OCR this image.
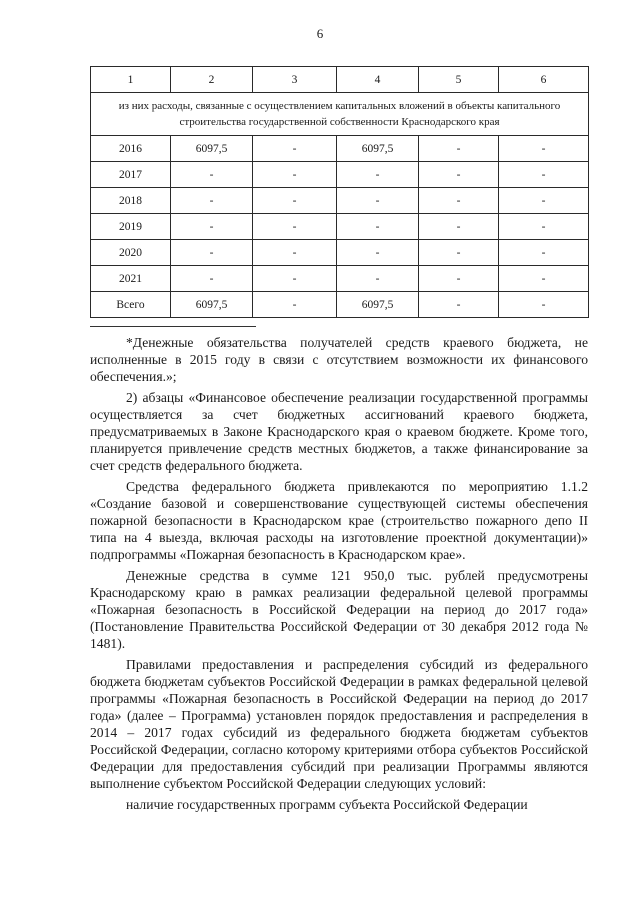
6
1	2	3	4	5	6
из них расходы, связанные с осуществлением капитальных вложений в объекты капитального строительства государственной собственности Краснодарского края					
2016	6097,5	-	6097,5	-	-
2017	-	-	-	-	-
2018	-	-	-	-	-
2019	-	-	-	-	-
2020	-	-	-	-	-
2021	-	-	-	-	-
Всего	6097,5	-	6097,5	-	-

*Денежные обязательства получателей средств краевого бюджета, не исполненные в 2015 году в связи с отсутствием возможности их финансового обеспечения.»;

2) абзацы «Финансовое обеспечение реализации государственной программы осуществляется за счет бюджетных ассигнований краевого бюджета, предусматриваемых в Законе Краснодарского края о краевом бюджете. Кроме того, планируется привлечение средств местных бюджетов, а также финансирование за счет средств федерального бюджета.

Средства федерального бюджета привлекаются по мероприятию 1.1.2 «Создание базовой и совершенствование существующей системы обеспечения пожарной безопасности в Краснодарском крае (строительство пожарного депо II типа на 4 выезда, включая расходы на изготовление проектной документации)» подпрограммы «Пожарная безопасность в Краснодарском крае».

Денежные средства в сумме 121 950,0 тыс. рублей предусмотрены Краснодарскому краю в рамках реализации федеральной целевой программы «Пожарная безопасность в Российской Федерации на период до 2017 года» (Постановление Правительства Российской Федерации от 30 декабря 2012 года № 1481).

Правилами предоставления и распределения субсидий из федерального бюджета бюджетам субъектов Российской Федерации в рамках федеральной целевой программы «Пожарная безопасность в Российской Федерации на период до 2017 года» (далее – Программа) установлен порядок предоставления и распределения в 2014 – 2017 годах субсидий из федерального бюджета бюджетам субъектов Российской Федерации, согласно которому критериями отбора субъектов Российской Федерации для предоставления субсидий при реализации Программы являются выполнение субъектом Российской Федерации следующих условий:

наличие государственных программ субъекта Российской Федерации
